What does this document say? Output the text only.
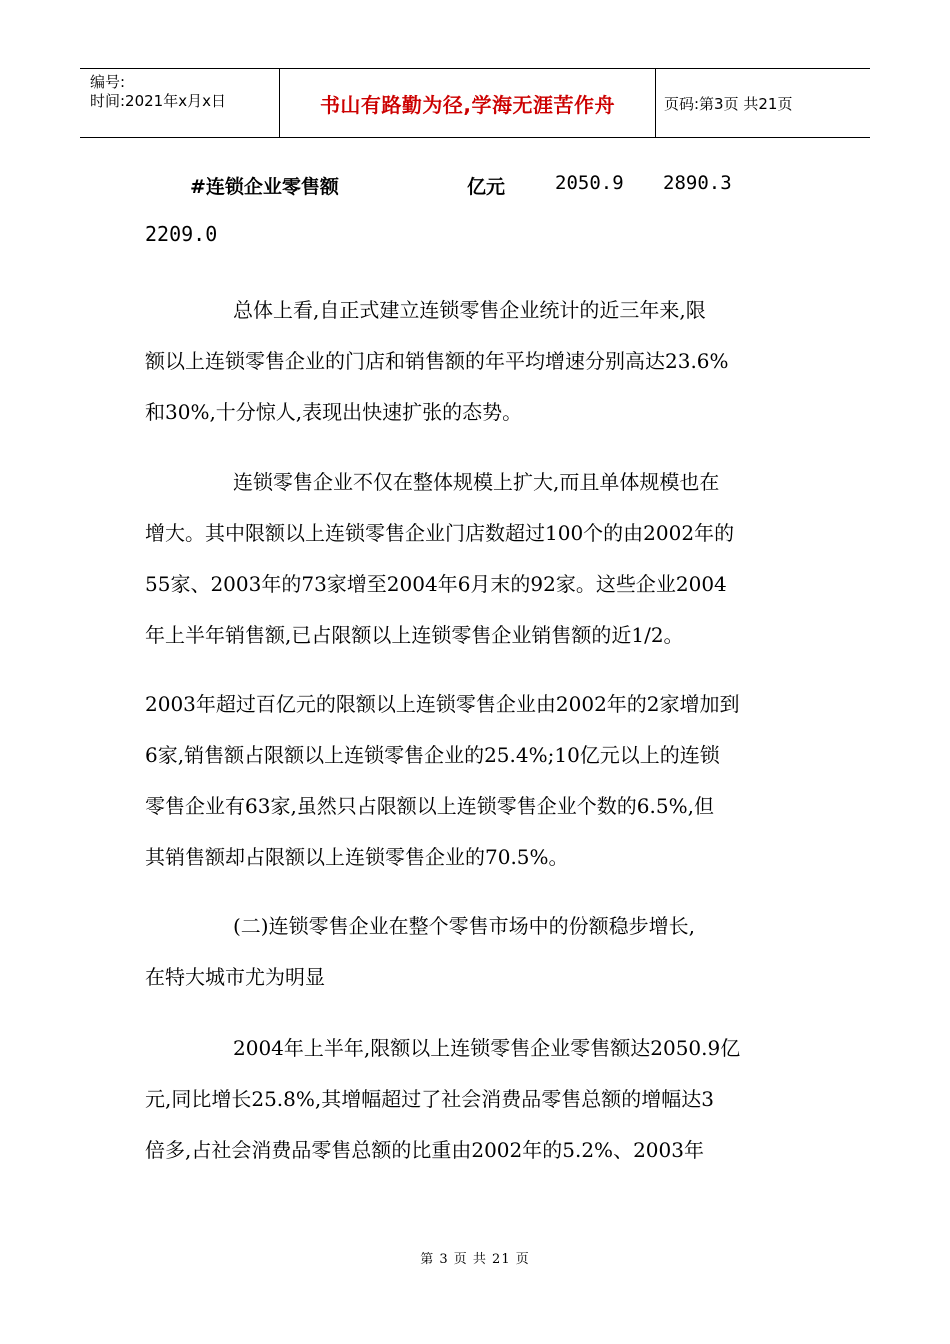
编号:
时间:2021年x月x日	书山有路勤为径,学海无涯苦作舟	页码:第3页 共21页
#连锁企业零售额	亿元	2050.9 2890.3
2209.0
总体上看,自正式建立连锁零售企业统计的近三年来,限
额以上连锁零售企业的门店和销售额的年平均增速分别高达23.6%
和30%,十分惊人,表现出快速扩张的态势。
连锁零售企业不仅在整体规模上扩大,而且单体规模也在
增大。其中限额以上连锁零售企业门店数超过100个的由2002年的
55家、2003年的73家增至2004年6月末的92家。这些企业2004
年上半年销售额,已占限额以上连锁零售企业销售额的近1/2。
2003年超过百亿元的限额以上连锁零售企业由2002年的2家增加到
6家,销售额占限额以上连锁零售企业的25.4%;10亿元以上的连锁
零售企业有63家,虽然只占限额以上连锁零售企业个数的6.5%,但
其销售额却占限额以上连锁零售企业的70.5%。
(二)连锁零售企业在整个零售市场中的份额稳步增长,
在特大城市尤为明显
2004年上半年,限额以上连锁零售企业零售额达2050.9亿
元,同比增长25.8%,其增幅超过了社会消费品零售总额的增幅达3
倍多,占社会消费品零售总额的比重由2002年的5.2%、2003年
第 3 页 共 21 页
